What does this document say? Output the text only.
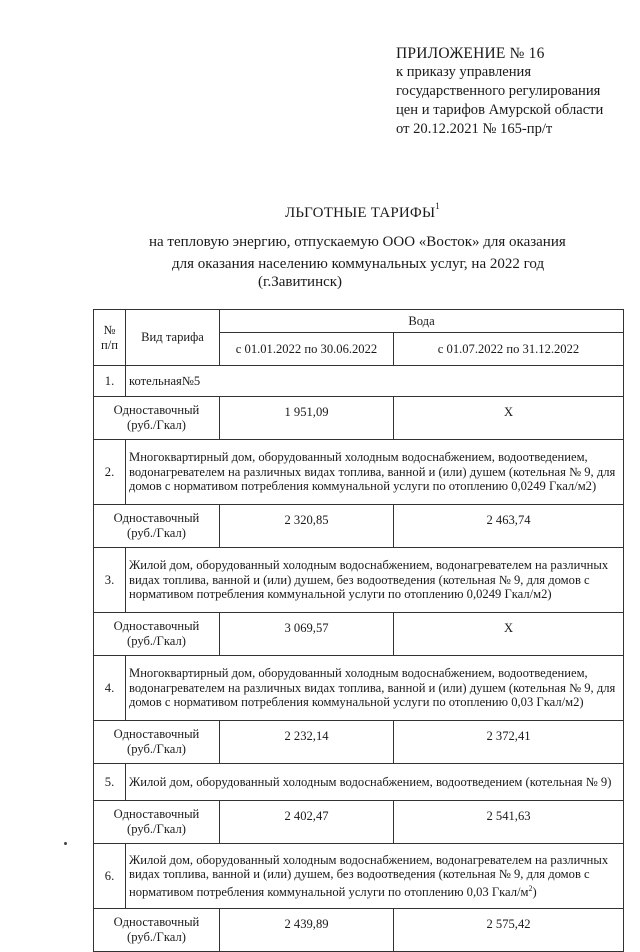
ПРИЛОЖЕНИЕ № 16
к приказу управления
государственного регулирования
цен и тарифов Амурской области
от 20.12.2021 № 165-пр/т
ЛЬГОТНЫЕ ТАРИФЫ$^1$
на тепловую энергию, отпускаемую ООО «Восток» для оказания
для оказания населению коммунальных услуг, на 2022 год
(г.Завитинск)
№
п/п	Вид тарифа	Вода	
		с 01.01.2022 по 30.06.2022	с 01.07.2022 по 31.12.2022
1.	котельная№5		

Одноставочный
(руб./Гкал)		1 951,09	Х
2.	Многоквартирный дом, оборудованный холодным водоснабжением, водоотведением, водонагревателем на различных видах топлива, ванной и (или) душем (котельная № 9, для домов с нормативом потребления коммунальной услуги по отоплению 0,0249 Гкал/м2)		

Одноставочный
(руб./Гкал)		2 320,85	2 463,74
3.	Жилой дом, оборудованный холодным водоснабжением, водонагревателем на различных видах топлива, ванной и (или) душем, без водоотведения (котельная № 9, для домов с нормативом потребления коммунальной услуги по отоплению 0,0249 Гкал/м2)		

Одноставочный
(руб./Гкал)		3 069,57	Х
4.	Многоквартирный дом, оборудованный холодным водоснабжением, водоотведением, водонагревателем на различных видах топлива, ванной и (или) душем (котельная № 9, для домов с нормативом потребления коммунальной услуги по отоплению 0,03 Гкал/м2)		

Одноставочный
(руб./Гкал)		2 232,14	2 372,41
5.	Жилой дом, оборудованный холодным водоснабжением, водоотведением (котельная № 9)		

Одноставочный
(руб./Гкал)		2 402,47	2 541,63
6.	Жилой дом, оборудованный холодным водоснабжением, водонагревателем на различных видах топлива, ванной и (или) душем, без водоотведения (котельная № 9, для домов с нормативом потребления коммунальной услуги по отоплению 0,03 Гкал/$м^2$)		

Одноставочный
(руб./Гкал)		2 439,89	2 575,42
